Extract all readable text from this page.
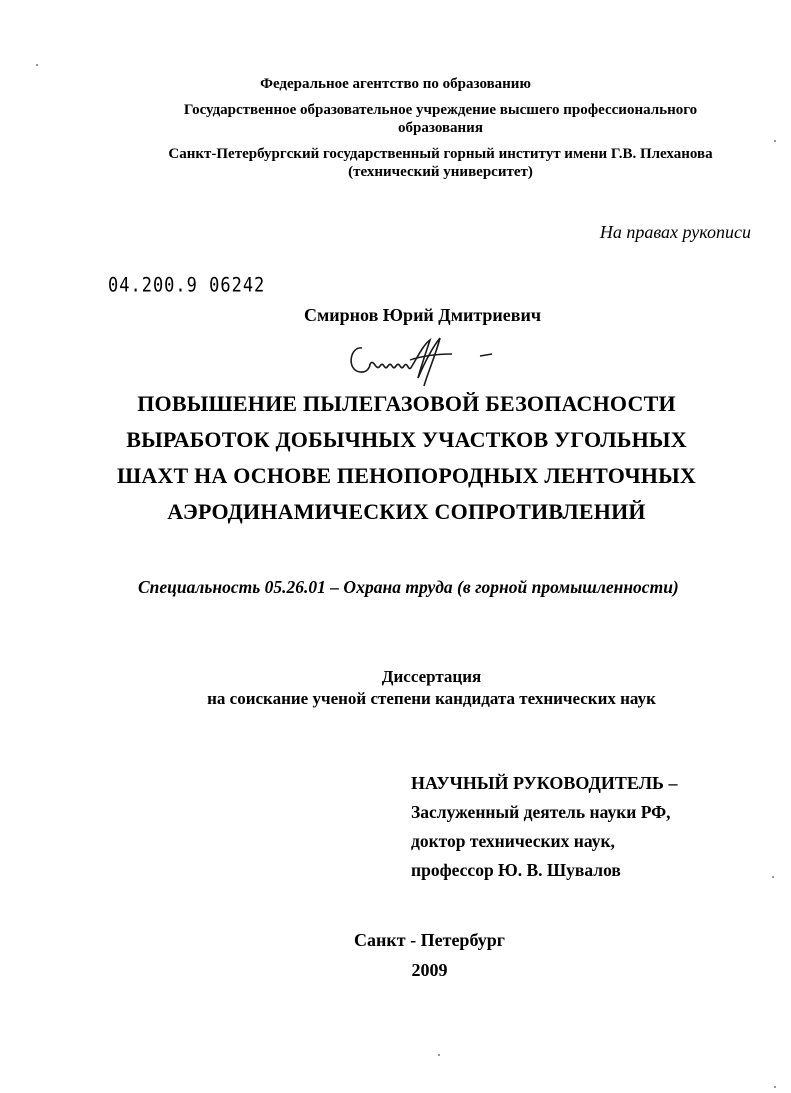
Федеральное агентство по образованию
Государственное образовательное учреждение высшего профессионального
образования
Санкт-Петербургский государственный горный институт имени Г.В. Плеханова
(технический университет)
На правах рукописи
04.200.9 06242
Смирнов Юрий Дмитриевич
ПОВЫШЕНИЕ ПЫЛЕГАЗОВОЙ БЕЗОПАСНОСТИ
ВЫРАБОТОК ДОБЫЧНЫХ УЧАСТКОВ УГОЛЬНЫХ
ШАХТ НА ОСНОВЕ ПЕНОПОРОДНЫХ ЛЕНТОЧНЫХ
АЭРОДИНАМИЧЕСКИХ СОПРОТИВЛЕНИЙ
Специальность 05.26.01 – Охрана труда (в горной промышленности)
Диссертация
на соискание ученой степени кандидата технических наук
НАУЧНЫЙ РУКОВОДИТЕЛЬ –
Заслуженный деятель науки РФ,
доктор технических наук,
профессор Ю. В. Шувалов
Санкт - Петербург
2009
